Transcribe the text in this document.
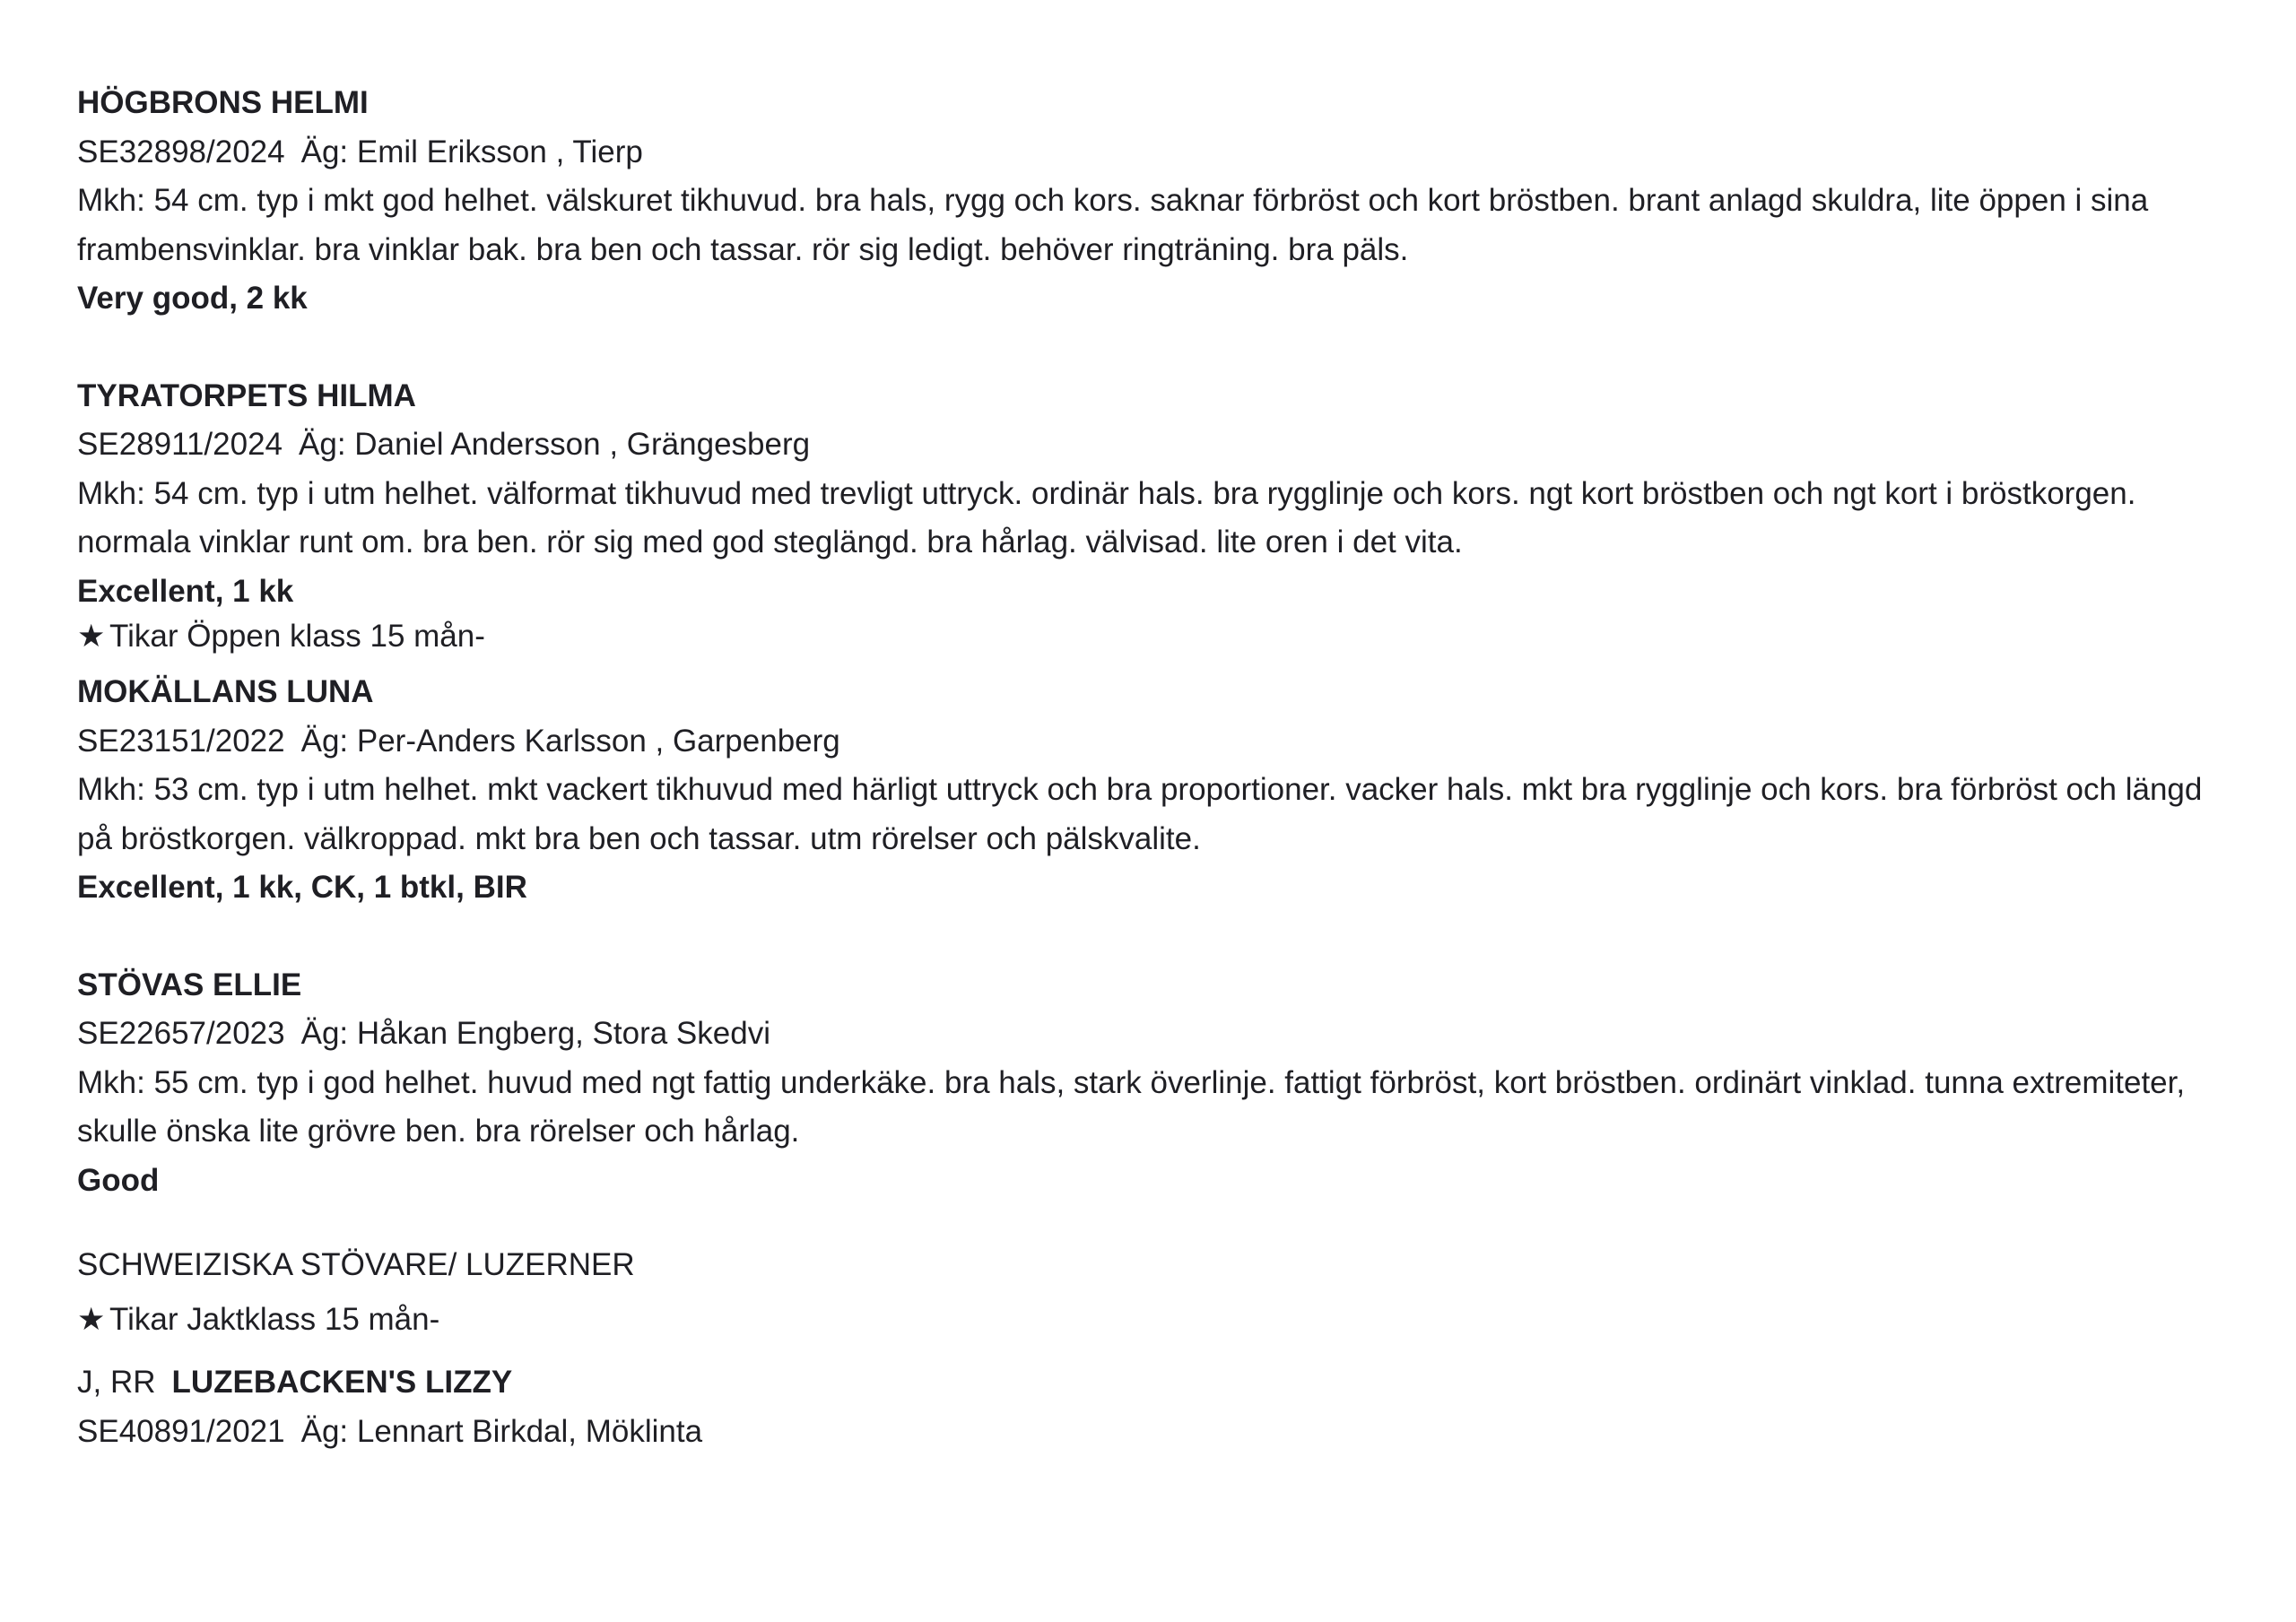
HÖGBRONS HELMI
SE32898/2024 Äg: Emil Eriksson , Tierp
Mkh: 54 cm. typ i mkt god helhet. välskuret tikhuvud. bra hals, rygg och kors. saknar förbröst och kort bröstben. brant anlagd skuldra, lite öppen i sina frambensvinklar. bra vinklar bak. bra ben och tassar. rör sig ledigt. behöver ringträning. bra päls.
Very good, 2 kk
TYRATORPETS HILMA
SE28911/2024 Äg: Daniel Andersson , Grängesberg
Mkh: 54 cm. typ i utm helhet. välformat tikhuvud med trevligt uttryck. ordinär hals. bra rygglinje och kors. ngt kort bröstben och ngt kort i bröstkorgen. normala vinklar runt om. bra ben. rör sig med god steglängd. bra hårlag. välvisad. lite oren i det vita.
Excellent, 1 kk
★ Tikar Öppen klass 15 mån-
MOKÄLLANS LUNA
SE23151/2022 Äg: Per-Anders Karlsson , Garpenberg
Mkh: 53 cm. typ i utm helhet. mkt vackert tikhuvud med härligt uttryck och bra proportioner. vacker hals. mkt bra rygglinje och kors. bra förbröst och längd på bröstkorgen. välkroppad. mkt bra ben och tassar. utm rörelser och pälskvalite.
Excellent, 1 kk, CK, 1 btkl, BIR
STÖVAS ELLIE
SE22657/2023 Äg: Håkan Engberg, Stora Skedvi
Mkh: 55 cm. typ i god helhet. huvud med ngt fattig underkäke. bra hals, stark överlinje. fattigt förbröst, kort bröstben. ordinärt vinklad. tunna extremiteter, skulle önska lite grövre ben. bra rörelser och hårlag.
Good
SCHWEIZISKA STÖVARE/ LUZERNER
★ Tikar Jaktklass 15 mån-
J, RR LUZEBACKEN'S LIZZY
SE40891/2021 Äg: Lennart Birkdal, Möklinta
